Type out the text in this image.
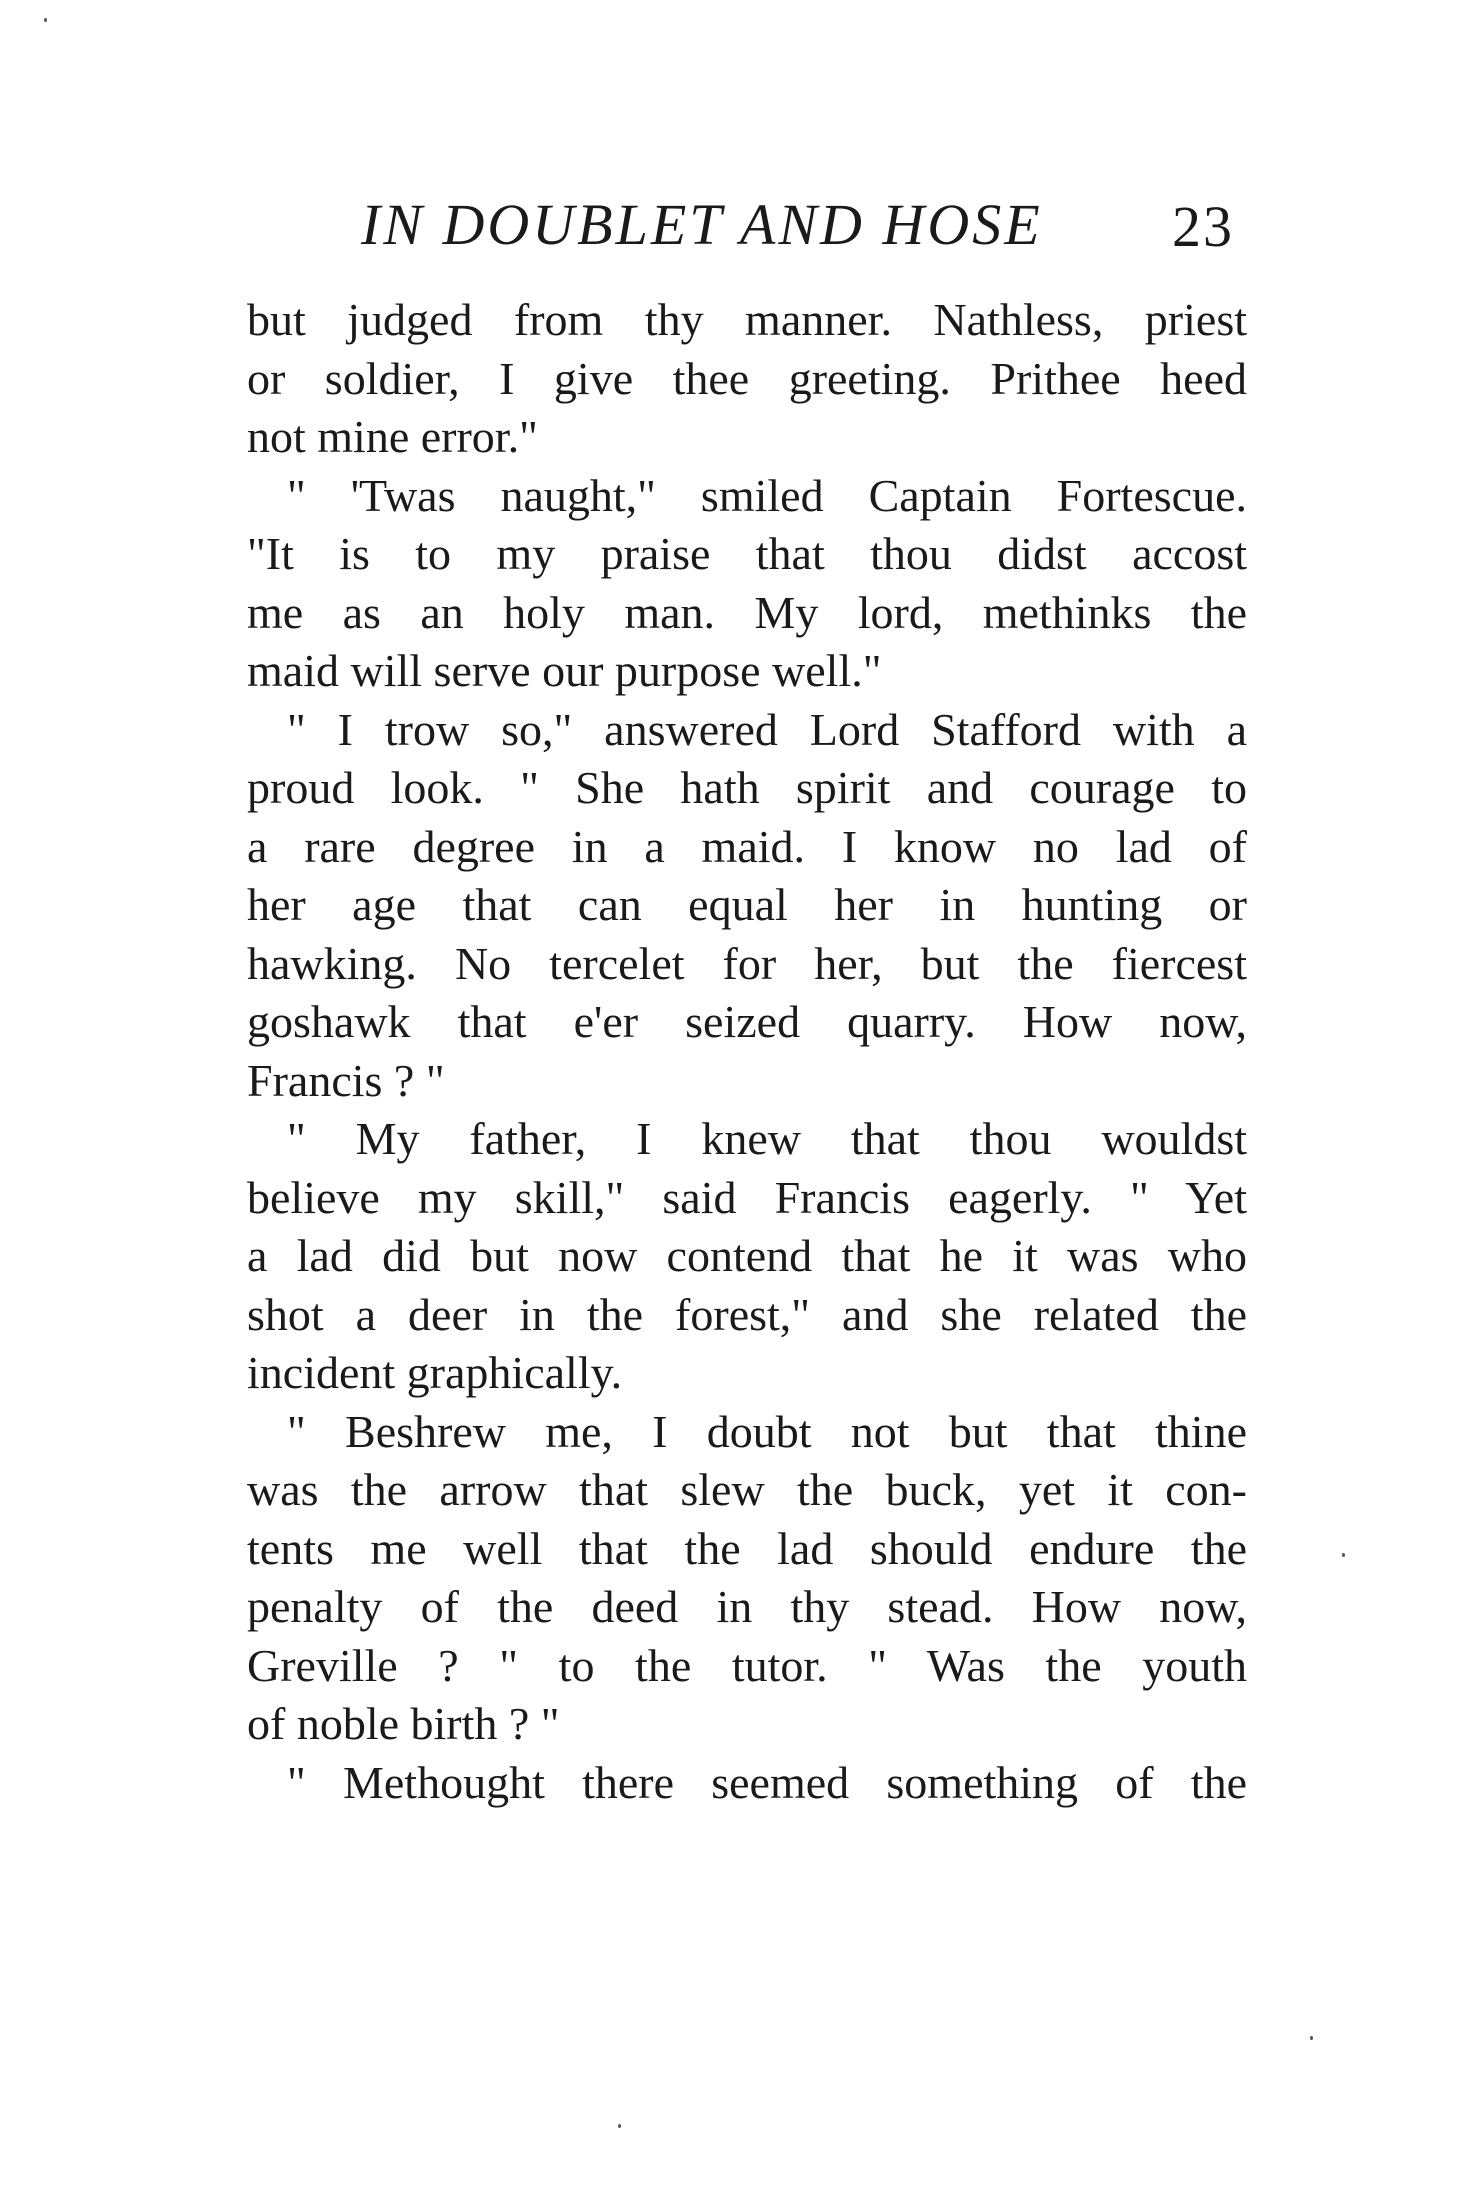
IN DOUBLET AND HOSE 23
but judged from thy manner. Nathless, priest
or soldier, I give thee greeting. Prithee heed
not mine error."
" 'Twas naught," smiled Captain Fortescue.
"It is to my praise that thou didst accost
me as an holy man. My lord, methinks the
maid will serve our purpose well."
" I trow so," answered Lord Stafford with a
proud look. " She hath spirit and courage to
a rare degree in a maid. I know no lad of
her age that can equal her in hunting or
hawking. No tercelet for her, but the fiercest
goshawk that e'er seized quarry. How now,
Francis ? "
" My father, I knew that thou wouldst
believe my skill," said Francis eagerly. " Yet
a lad did but now contend that he it was who
shot a deer in the forest," and she related the
incident graphically.
" Beshrew me, I doubt not but that thine
was the arrow that slew the buck, yet it con-
tents me well that the lad should endure the
penalty of the deed in thy stead. How now,
Greville ? " to the tutor. " Was the youth
of noble birth ? "
" Methought there seemed something of the
